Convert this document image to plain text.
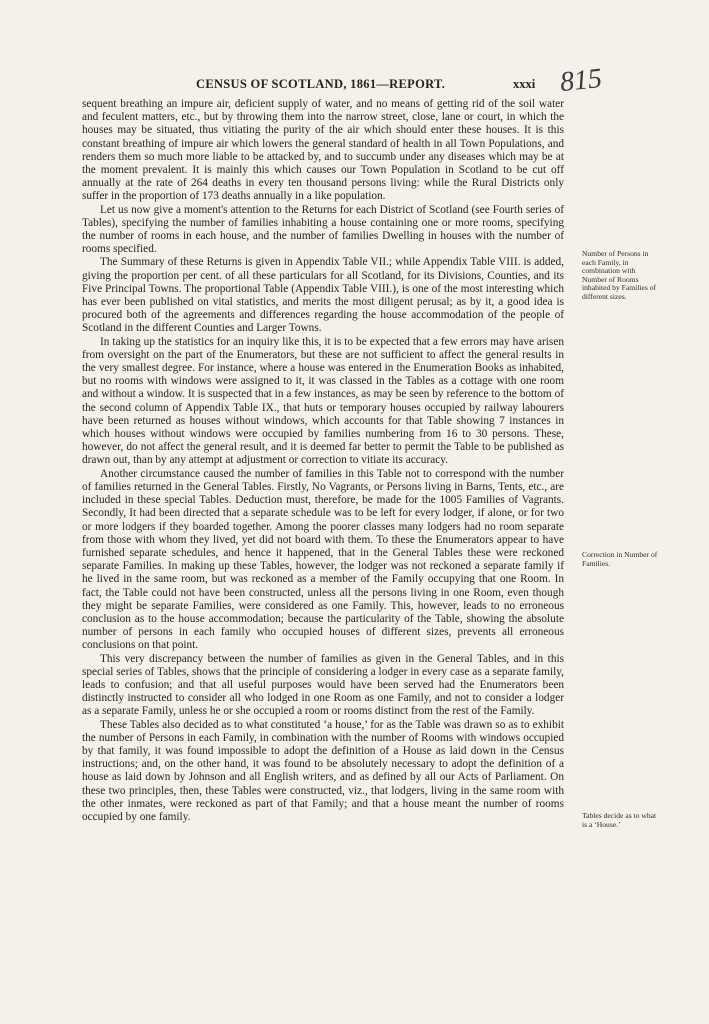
CENSUS OF SCOTLAND, 1861—REPORT.	xxxi 815

sequent breathing an impure air, deficient supply of water, and no means of getting rid of the soil water and feculent matters, etc., but by throwing them into the narrow street, close, lane or court, in which the houses may be situated, thus vitiating the purity of the air which should enter these houses. It is this constant breathing of impure air which lowers the general standard of health in all Town Populations, and renders them so much more liable to be attacked by, and to succumb under any diseases which may be at the moment prevalent. It is mainly this which causes our Town Population in Scotland to be cut off annually at the rate of 264 deaths in every ten thousand persons living: while the Rural Districts only suffer in the proportion of 173 deaths annually in a like population.

Let us now give a moment's attention to the Returns for each District of Scotland (see Fourth series of Tables), specifying the number of families inhabiting a house containing one or more rooms, specifying the number of rooms in each house, and the number of families Dwelling in houses with the number of rooms specified.

The Summary of these Returns is given in Appendix Table VII.; while Appendix Table VIII. is added, giving the proportion per cent. of all these particulars for all Scotland, for its Divisions, Counties, and its Five Principal Towns. The proportional Table (Appendix Table VIII.), is one of the most interesting which has ever been published on vital statistics, and merits the most diligent perusal; as by it, a good idea is procured both of the agreements and differences regarding the house accommodation of the people of Scotland in the different Counties and Larger Towns.

In taking up the statistics for an inquiry like this, it is to be expected that a few errors may have arisen from oversight on the part of the Enumerators, but these are not sufficient to affect the general results in the very smallest degree. For instance, where a house was entered in the Enumeration Books as inhabited, but no rooms with windows were assigned to it, it was classed in the Tables as a cottage with one room and without a window. It is suspected that in a few instances, as may be seen by reference to the bottom of the second column of Appendix Table IX., that huts or temporary houses occupied by railway labourers have been returned as houses without windows, which accounts for that Table showing 7 instances in which houses without windows were occupied by families numbering from 16 to 30 persons. These, however, do not affect the general result, and it is deemed far better to permit the Table to be published as drawn out, than by any attempt at adjustment or correction to vitiate its accuracy.

Another circumstance caused the number of families in this Table not to correspond with the number of families returned in the General Tables. Firstly, No Vagrants, or Persons living in Barns, Tents, etc., are included in these special Tables. Deduction must, therefore, be made for the 1005 Families of Vagrants. Secondly, It had been directed that a separate schedule was to be left for every lodger, if alone, or for two or more lodgers if they boarded together. Among the poorer classes many lodgers had no room separate from those with whom they lived, yet did not board with them. To these the Enumerators appear to have furnished separate schedules, and hence it happened, that in the General Tables these were reckoned separate Families. In making up these Tables, however, the lodger was not reckoned a separate family if he lived in the same room, but was reckoned as a member of the Family occupying that one Room. In fact, the Table could not have been constructed, unless all the persons living in one Room, even though they might be separate Families, were considered as one Family. This, however, leads to no erroneous conclusion as to the house accommodation; because the particularity of the Table, showing the absolute number of persons in each family who occupied houses of different sizes, prevents all erroneous conclusions on that point.

This very discrepancy between the number of families as given in the General Tables, and in this special series of Tables, shows that the principle of considering a lodger in every case as a separate family, leads to confusion; and that all useful purposes would have been served had the Enumerators been distinctly instructed to consider all who lodged in one Room as one Family, and not to consider a lodger as a separate Family, unless he or she occupied a room or rooms distinct from the rest of the Family.

These Tables also decided as to what constituted ‘a house,’ for as the Table was drawn so as to exhibit the number of Persons in each Family, in combination with the number of Rooms with windows occupied by that family, it was found impossible to adopt the definition of a House as laid down in the Census instructions; and, on the other hand, it was found to be absolutely necessary to adopt the definition of a house as laid down by Johnson and all English writers, and as defined by all our Acts of Parliament. On these two principles, then, these Tables were constructed, viz., that lodgers, living in the same room with the other inmates, were reckoned as part of that Family; and that a house meant the number of rooms occupied by one family.

Number of Persons in each Family, in combination with Number of Rooms inhabited by Families of different sizes.
Correction in Number of Families.
Tables decide as to what is a ‘House.’
